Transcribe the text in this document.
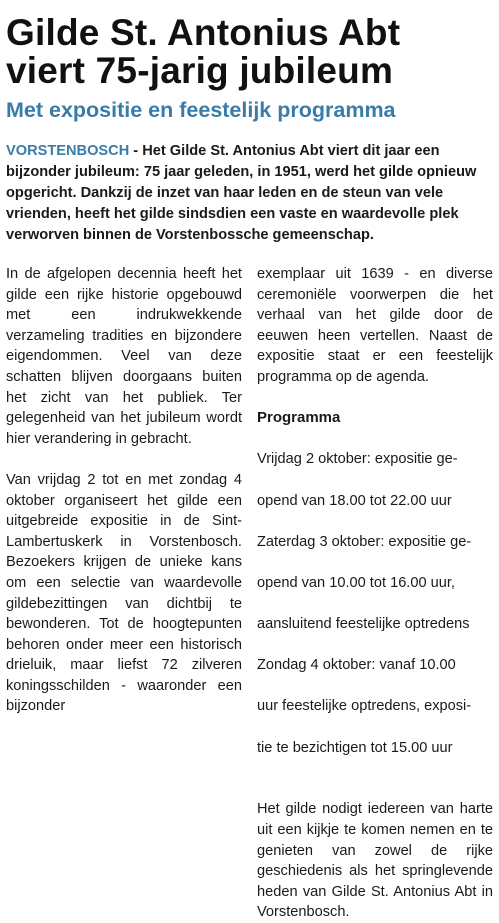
Gilde St. Antonius Abt
viert 75-jarig jubileum
Met expositie en feestelijk programma

VORSTENBOSCH - Het Gilde St. Antonius Abt viert dit jaar een bijzonder jubileum: 75 jaar geleden, in 1951, werd het gilde opnieuw opgericht. Dankzij de inzet van haar leden en de steun van vele vrienden, heeft het gilde sindsdien een vaste en waardevolle plek verworven binnen de Vorstenbossche gemeenschap.

In de afgelopen decennia heeft het gilde een rijke historie opgebouwd met een indrukwekkende verzameling tradities en bijzondere eigendommen. Veel van deze schatten blijven doorgaans buiten het zicht van het publiek. Ter gelegenheid van het jubileum wordt hier verandering in gebracht.

Van vrijdag 2 tot en met zondag 4 oktober organiseert het gilde een uitgebreide expositie in de Sint-Lambertuskerk in Vorstenbosch. Bezoekers krijgen de unieke kans om een selectie van waardevolle gildebezittingen van dichtbij te bewonderen. Tot de hoogtepunten behoren onder meer een historisch drieluik, maar liefst 72 zilveren koningsschilden - waaronder een bijzonder

exemplaar uit 1639 - en diverse ceremoniële voorwerpen die het verhaal van het gilde door de eeuwen heen vertellen. Naast de expositie staat er een feestelijk programma op de agenda.

Programma

Vrijdag 2 oktober: expositie ge-

opend van 18.00 tot 22.00 uur

Zaterdag 3 oktober: expositie ge-

opend van 10.00 tot 16.00 uur,

aansluitend feestelijke optredens

Zondag 4 oktober: vanaf 10.00

uur feestelijke optredens, exposi-

tie te bezichtigen tot 15.00 uur

Het gilde nodigt iedereen van harte uit een kijkje te komen nemen en te genieten van zowel de rijke geschiedenis als het springlevende heden van Gilde St. Antonius Abt in Vorstenbosch.
